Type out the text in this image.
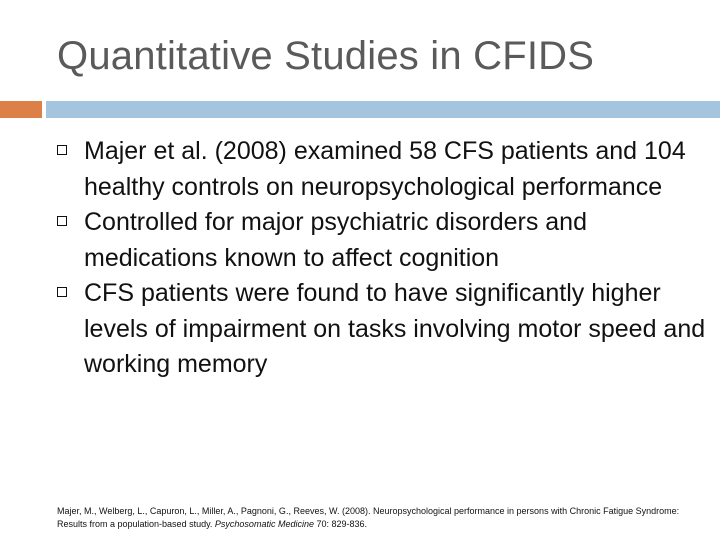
Quantitative Studies in CFIDS
Majer et al. (2008) examined 58 CFS patients and 104 healthy controls on neuropsychological performance
Controlled for major psychiatric disorders and medications known to affect cognition
CFS patients were found to have significantly higher levels of impairment on tasks involving motor speed and working memory

Majer, M., Welberg, L., Capuron, L., Miller, A., Pagnoni, G., Reeves, W. (2008). Neuropsychological performance in persons with Chronic Fatigue Syndrome: Results from a population-based study. Psychosomatic Medicine 70: 829-836.
